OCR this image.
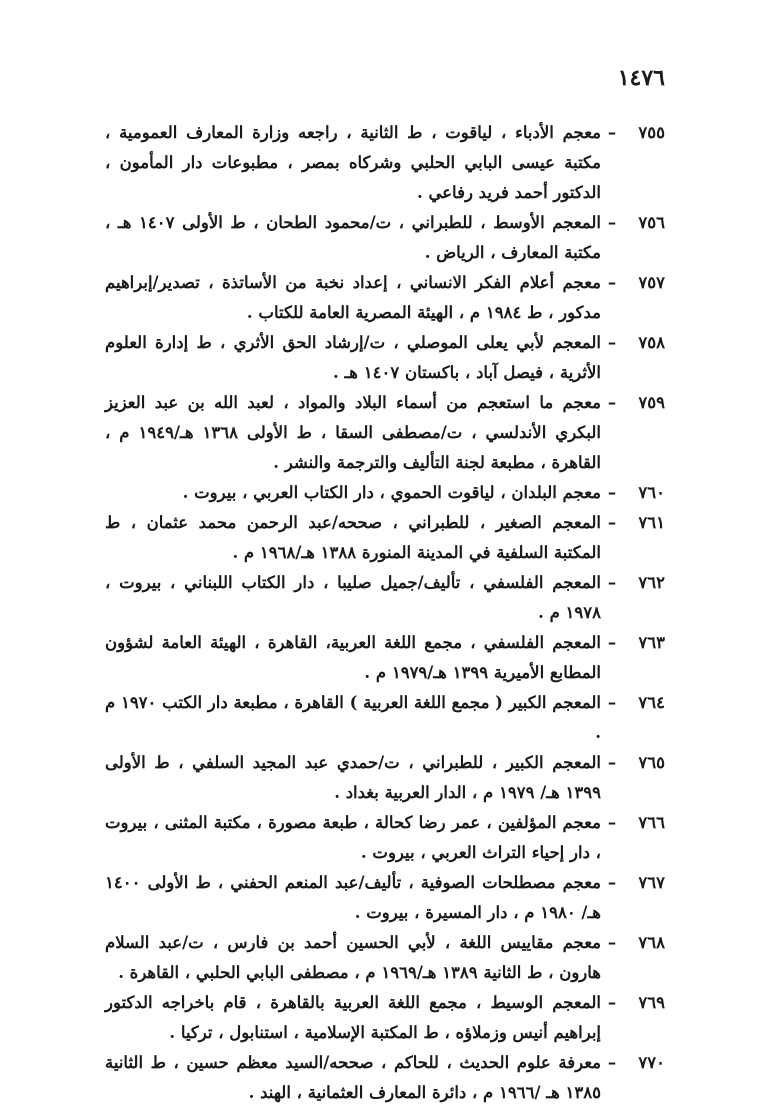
١٤٧٦
٧٥٥
–
معجم الأدباء ، لياقوت ، ط الثانية ، راجعه وزارة المعارف العمومية ، مكتبة عيسى البابي الحلبي وشركاه بمصر ، مطبوعات دار المأمون ، الدكتور أحمد فريد رفاعي .
٧٥٦
–
المعجم الأوسط ، للطبراني ، ت/محمود الطحان ، ط الأولى ١٤٠٧ هـ ، مكتبة المعارف ، الرياض .
٧٥٧
–
معجم أعلام الفكر الانساني ، إعداد نخبة من الأساتذة ، تصدير/إبراهيم مدكور ، ط ١٩٨٤ م ، الهيئة المصرية العامة للكتاب .
٧٥٨
–
المعجم لأبي يعلى الموصلي ، ت/إرشاد الحق الأثري ، ط إدارة العلوم الأثرية ، فيصل آباد ، باكستان ١٤٠٧ هـ .
٧٥٩
–
معجم ما استعجم من أسماء البلاد والمواد ، لعبد الله بن عبد العزيز البكري الأندلسي ، ت/مصطفى السقا ، ط الأولى ١٣٦٨ هـ/١٩٤٩ م ، القاهرة ، مطبعة لجنة التأليف والترجمة والنشر .
٧٦٠
–
معجم البلدان ، لياقوت الحموي ، دار الكتاب العربي ، بيروت .
٧٦١
–
المعجم الصغير ، للطبراني ، صححه/عبد الرحمن محمد عثمان ، ط المكتبة السلفية في المدينة المنورة ١٣٨٨ هـ/١٩٦٨ م .
٧٦٢
–
المعجم الفلسفي ، تأليف/جميل صليبا ، دار الكتاب اللبناني ، بيروت ، ١٩٧٨ م .
٧٦٣
–
المعجم الفلسفي ، مجمع اللغة العربية، القاهرة ، الهيئة العامة لشؤون المطابع الأميرية ١٣٩٩ هـ/١٩٧٩ م .
٧٦٤
–
المعجم الكبير ( مجمع اللغة العربية ) القاهرة ، مطبعة دار الكتب ١٩٧٠ م .
٧٦٥
–
المعجم الكبير ، للطبراني ، ت/حمدي عبد المجيد السلفي ، ط الأولى ١٣٩٩ هـ/ ١٩٧٩ م ، الدار العربية بغداد .
٧٦٦
–
معجم المؤلفين ، عمر رضا كحالة ، طبعة مصورة ، مكتبة المثنى ، بيروت ، دار إحياء التراث العربي ، بيروت .
٧٦٧
–
معجم مصطلحات الصوفية ، تأليف/عبد المنعم الحفني ، ط الأولى ١٤٠٠ هـ/ ١٩٨٠ م ، دار المسيرة ، بيروت .
٧٦٨
–
معجم مقاييس اللغة ، لأبي الحسين أحمد بن فارس ، ت/عبد السلام هارون ، ط الثانية ١٣٨٩ هـ/١٩٦٩ م ، مصطفى البابي الحلبي ، القاهرة .
٧٦٩
–
المعجم الوسيط ، مجمع اللغة العربية بالقاهرة ، قام باخراجه الدكتور إبراهيم أنيس وزملاؤه ، ط المكتبة الإسلامية ، استنابول ، تركيا .
٧٧٠
–
معرفة علوم الحديث ، للحاكم ، صححه/السيد معظم حسين ، ط الثانية ١٣٨٥ هـ /١٩٦٦ م ، دائرة المعارف العثمانية ، الهند .
